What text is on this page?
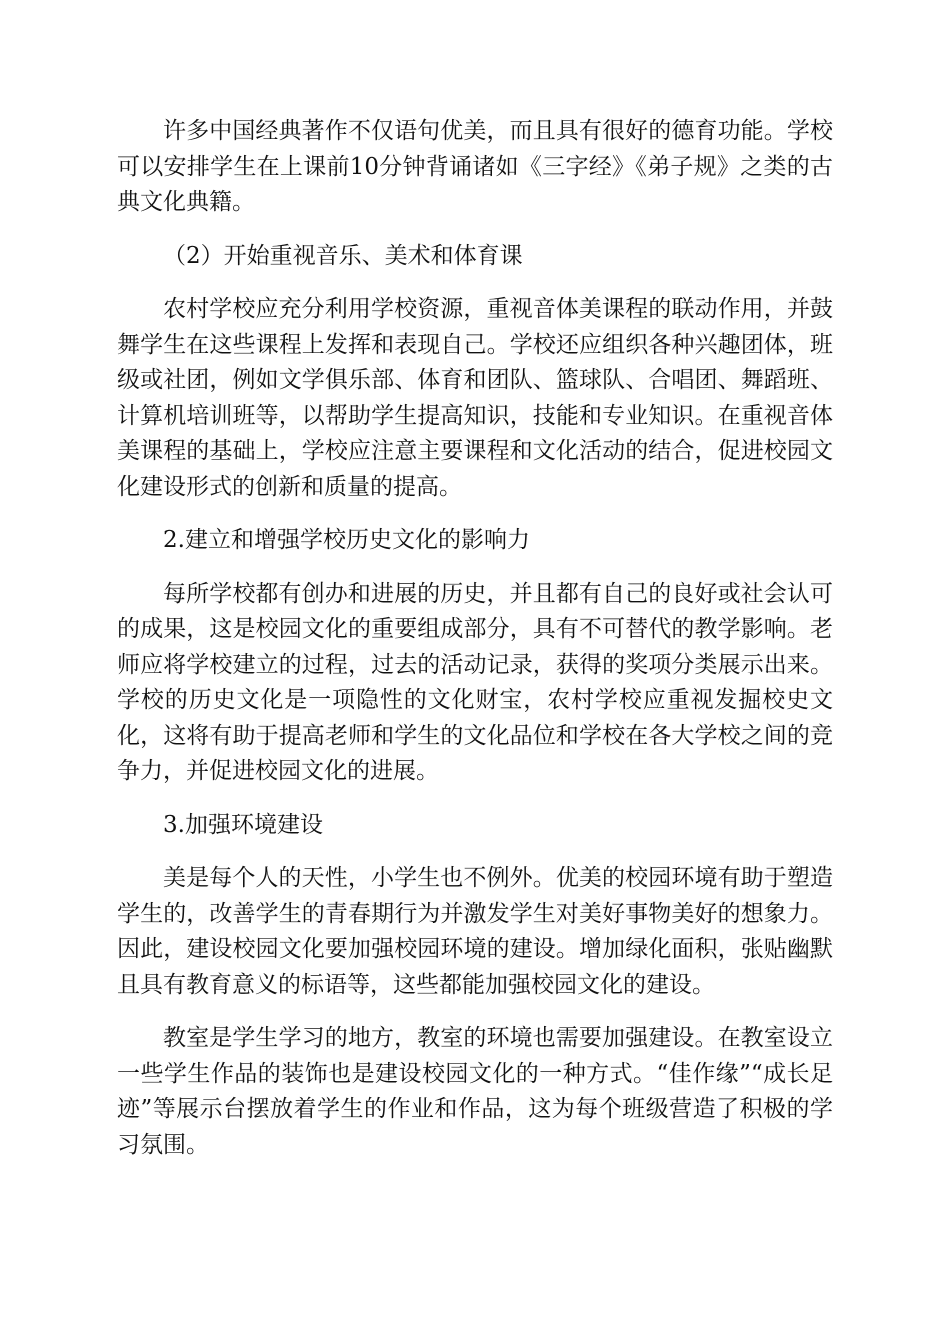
许多中国经典著作不仅语句优美，而且具有很好的德育功能。学校可以安排学生在上课前10分钟背诵诸如《三字经》《弟子规》之类的古典文化典籍。

（2）开始重视音乐、美术和体育课

农村学校应充分利用学校资源，重视音体美课程的联动作用，并鼓舞学生在这些课程上发挥和表现自己。学校还应组织各种兴趣团体，班级或社团，例如文学俱乐部、体育和团队、篮球队、合唱团、舞蹈班、计算机培训班等，以帮助学生提高知识，技能和专业知识。在重视音体美课程的基础上，学校应注意主要课程和文化活动的结合，促进校园文化建设形式的创新和质量的提高。

2.建立和增强学校历史文化的影响力

每所学校都有创办和进展的历史，并且都有自己的良好或社会认可的成果，这是校园文化的重要组成部分，具有不可替代的教学影响。老师应将学校建立的过程，过去的活动记录，获得的奖项分类展示出来。学校的历史文化是一项隐性的文化财宝，农村学校应重视发掘校史文化，这将有助于提高老师和学生的文化品位和学校在各大学校之间的竞争力，并促进校园文化的进展。

3.加强环境建设

美是每个人的天性，小学生也不例外。优美的校园环境有助于塑造学生的，改善学生的青春期行为并激发学生对美好事物美好的想象力。因此，建设校园文化要加强校园环境的建设。增加绿化面积，张贴幽默且具有教育意义的标语等，这些都能加强校园文化的建设。

教室是学生学习的地方，教室的环境也需要加强建设。在教室设立一些学生作品的装饰也是建设校园文化的一种方式。“佳作缘”“成长足迹”等展示台摆放着学生的作业和作品，这为每个班级营造了积极的学习氛围。
